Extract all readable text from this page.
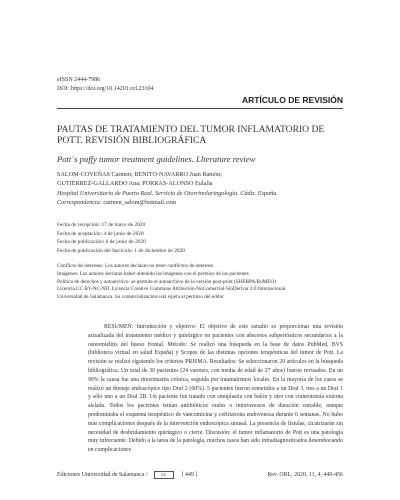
eISSN 2444-7986
DOI: https://doi.org/10.14201/orl.23104
ARTÍCULO DE REVISIÓN
PAUTAS DE TRATAMIENTO DEL TUMOR INFLAMATORIO DE POTT. REVISIÓN BIBLIOGRÁFICA
Pott´s puffy tumor treatment guidelines. Llterature review
SALOM-COVEÑAS Carmen; BENITO-NAVARRO Juan Ramón;
GUTIÉRREZ-GALLARDO Ana; PORRAS-ALONSO Eulalia
Hospital Universitario de Puerto Real. Servicio de Otorrinolaringología. Cádiz. España.
Correspondencia: carmen_salom@hotmail.com
Fecha de recepción: 17 de mayo de 2020
Fecha de aceptación: 4 de junio de 2020
Fecha de publicación: 6 de junio de 2020
Fecha de publicación del fascículo: 1 de diciembre de 2020
Conflicto de intereses: Los autores declaran no tener conflictos de intereses
Imágenes: Los autores declaran haber obtenido las imágenes con el permiso de los pacientes
Política de derechos y autoarchivo: se permite el autoarchivo de la versión post-print (SHERPA/RoMEO)
Licencia CC BY-NC-ND. Licencia Creative Commons Atribución-NoComercial-SinDerivar 4.0 Internacional
Universidad de Salamanca. Su comercialización está sujeta al permiso del editor

RESUMEN: Introducción y objetivo: El objetivo de este estudio es proporcionar una revisión actualizada del tratamiento médico y quirúrgico en pacientes con abscesos subperiósticos secundarios a la osteomielitis del hueso frontal. Método: Se realizó una búsqueda en la base de datos PubMed, BVS (biblioteca virtual en salud España) y Scopus de las distintas opciones terapéuticas del tumor de Pott. La revisión se realizó siguiendo los criterios PRISMA. Resultados: Se seleccionaron 20 artículos en la búsqueda bibliográfica. Un total de 30 pacientes (24 varones, con media de edad de 27 años) fueron revisados. En un 90% la causa fue una rinosinusitis crónica, seguida por traumatismos locales. En la mayoría de los casos se realizó un drenaje endoscópico tipo Draf 2 (60%). 5 pacientes fueron sometidos a un Draf 3, tres a un Draf 1 y sólo uno a un Draf 2B. Un paciente fue tratado con sinuplastia con balón y otro con craneotomía externa aislada. Todos los pacientes tenían antibióticos orales o intravenosos de duración variable, aunque predominaba el esquema terapéutico de vancomicina y ceftriaxona endovenosa durante 6 semanas. No hubo más complicaciones después de la intervención endoscópica sinusal. La presencia de fístulas, cicatrizarán sin necesidad de desbridamiento quirúrgico o cierre. Discusión: el tumor inflamatorio de Pott es una patología muy infrecuente. Debido a la tarea de la patología, muchos casos han sido infradiagnosticados desembocando en complicaciones

Ediciones Universidad de Salamanca /	CC	[ 449 ]	Rev. ORL, 2020, 11, 4, 449-456
